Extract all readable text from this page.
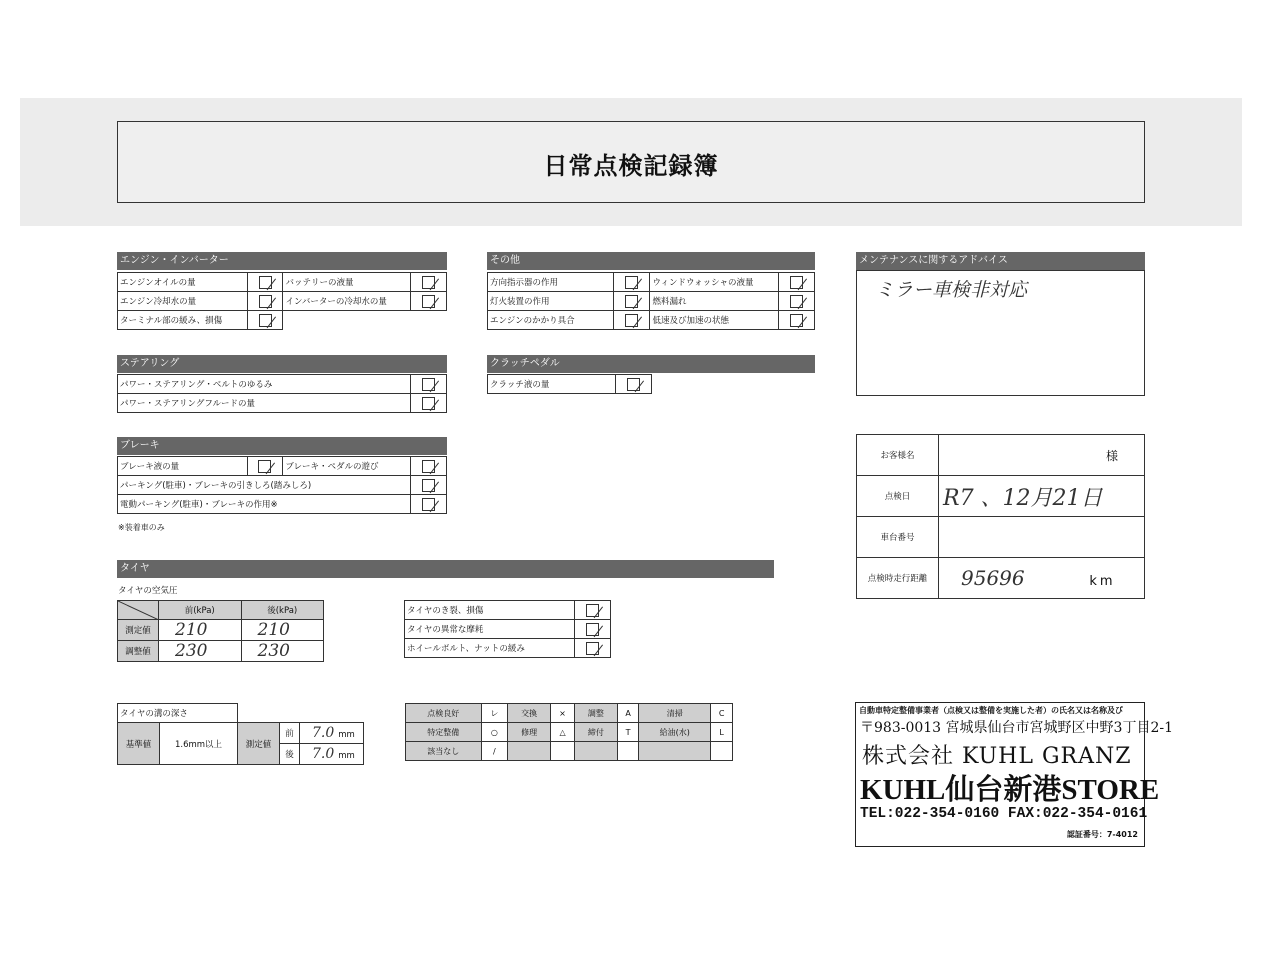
日常点検記録簿
エンジン・インバーター
エンジンオイルの量		バッテリーの液量	
エンジン冷却水の量		インバーターの冷却水の量	
ターミナル部の緩み、損傷			
その他
方向指示器の作用		ウィンドウォッシャの液量	
灯火装置の作用		燃料漏れ	
エンジンのかかり具合		低速及び加速の状態	
メンテナンスに関するアドバイス
ミラー車検非対応
ステアリング
パワー・ステアリング・ベルトのゆるみ	
パワー・ステアリングフルードの量	
クラッチペダル
クラッチ液の量	
ブレーキ
ブレーキ液の量		ブレーキ・ペダルの遊び	
パーキング(駐車)・ブレーキの引きしろ(踏みしろ)			
電動パーキング(駐車)・ブレーキの作用※			
※装着車のみ
お客様名	様
点検日	R7 、12月21日
車台番号	
点検時走行距離	95696 km
タイヤ
タイヤの空気圧
	前(kPa)	後(kPa)
測定値	210	210
調整値	230	230
タイヤのき裂、損傷	
タイヤの異常な摩耗	
ホイールボルト、ナットの緩み	
タイヤの溝の深さ				
基準値	1.6mm以上	測定値	前	7.0 mm
			後	7.0 mm
点検良好	レ	交換	×	調整	A	清掃	C
特定整備	○	修理	△	締付	T	給油(水)	L
該当なし	/						
自動車特定整備事業者（点検又は整備を実施した者）の氏名又は名称及び
〒983-0013 宮城県仙台市宮城野区中野3丁目2-1
株式会社 KUHL GRANZ
KUHL仙台新港STORE
TEL:022-354-0160 FAX:022-354-0161
認証番号：7-4012
